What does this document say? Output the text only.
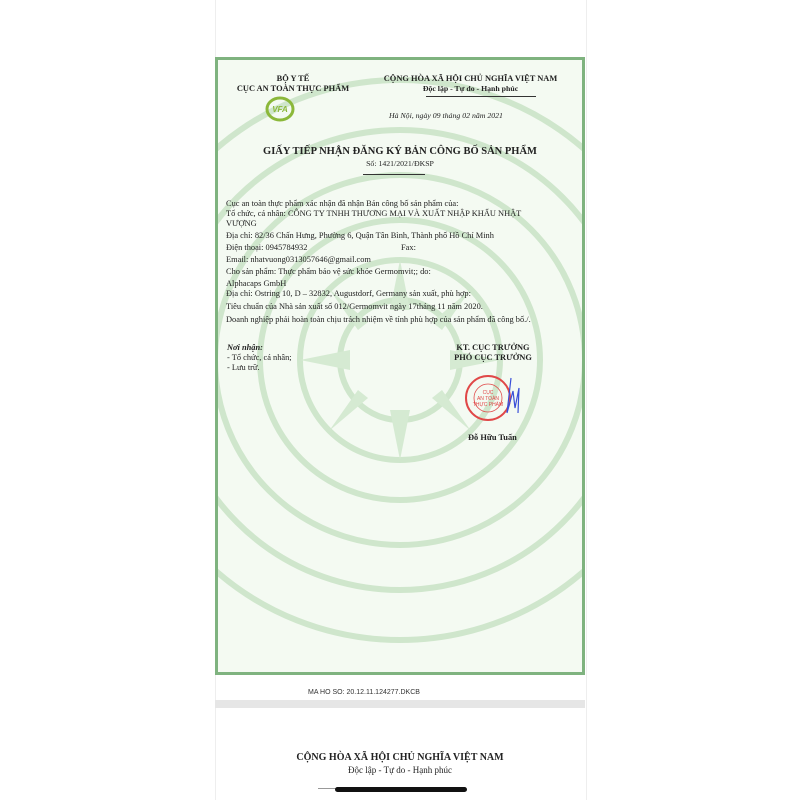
VFA
BỘ Y TẾ
CỤC AN TOÀN THỰC PHẨM
CỘNG HÒA XÃ HỘI CHỦ NGHĨA VIỆT NAM
Độc lập - Tự do - Hạnh phúc
Hà Nội, ngày 09 tháng 02 năm 2021
GIẤY TIẾP NHẬN ĐĂNG KÝ BẢN CÔNG BỐ SẢN PHẨM
Số: 1421/2021/ĐKSP
Cục an toàn thực phẩm xác nhận đã nhận Bản công bố sản phẩm của:
Tổ chức, cá nhân: CÔNG TY TNHH THƯƠNG MẠI VÀ XUẤT NHẬP KHẨU NHẬT
VƯỢNG
Địa chỉ: 82/36 Chấn Hưng, Phường 6, Quận Tân Bình, Thành phố Hồ Chí Minh
Điện thoại: 0945784932	Fax:
Email: nhatvuong0313057646@gmail.com
Cho sản phẩm: Thực phẩm bảo vệ sức khỏe Germomvit;; do:
Alphacaps GmbH
Địa chỉ: Ostring 10, D – 32832, Augustdorf, Germany sản xuất, phù hợp:
Tiêu chuẩn của Nhà sản xuất số 012/Germomvit ngày 17tháng 11 năm 2020.
Doanh nghiệp phải hoàn toàn chịu trách nhiệm về tính phù hợp của sản phẩm đã công bố./.
Nơi nhận:
- Tổ chức, cá nhân;
- Lưu trữ.
KT. CỤC TRƯỞNG
PHÓ CỤC TRƯỞNG
CỤC
AN TOÀN
THỰC PHẨM
Đỗ Hữu Tuấn
MA HO SO: 20.12.11.124277.DKCB
CỘNG HÒA XÃ HỘI CHỦ NGHĨA VIỆT NAM
Độc lập - Tự do - Hạnh phúc
